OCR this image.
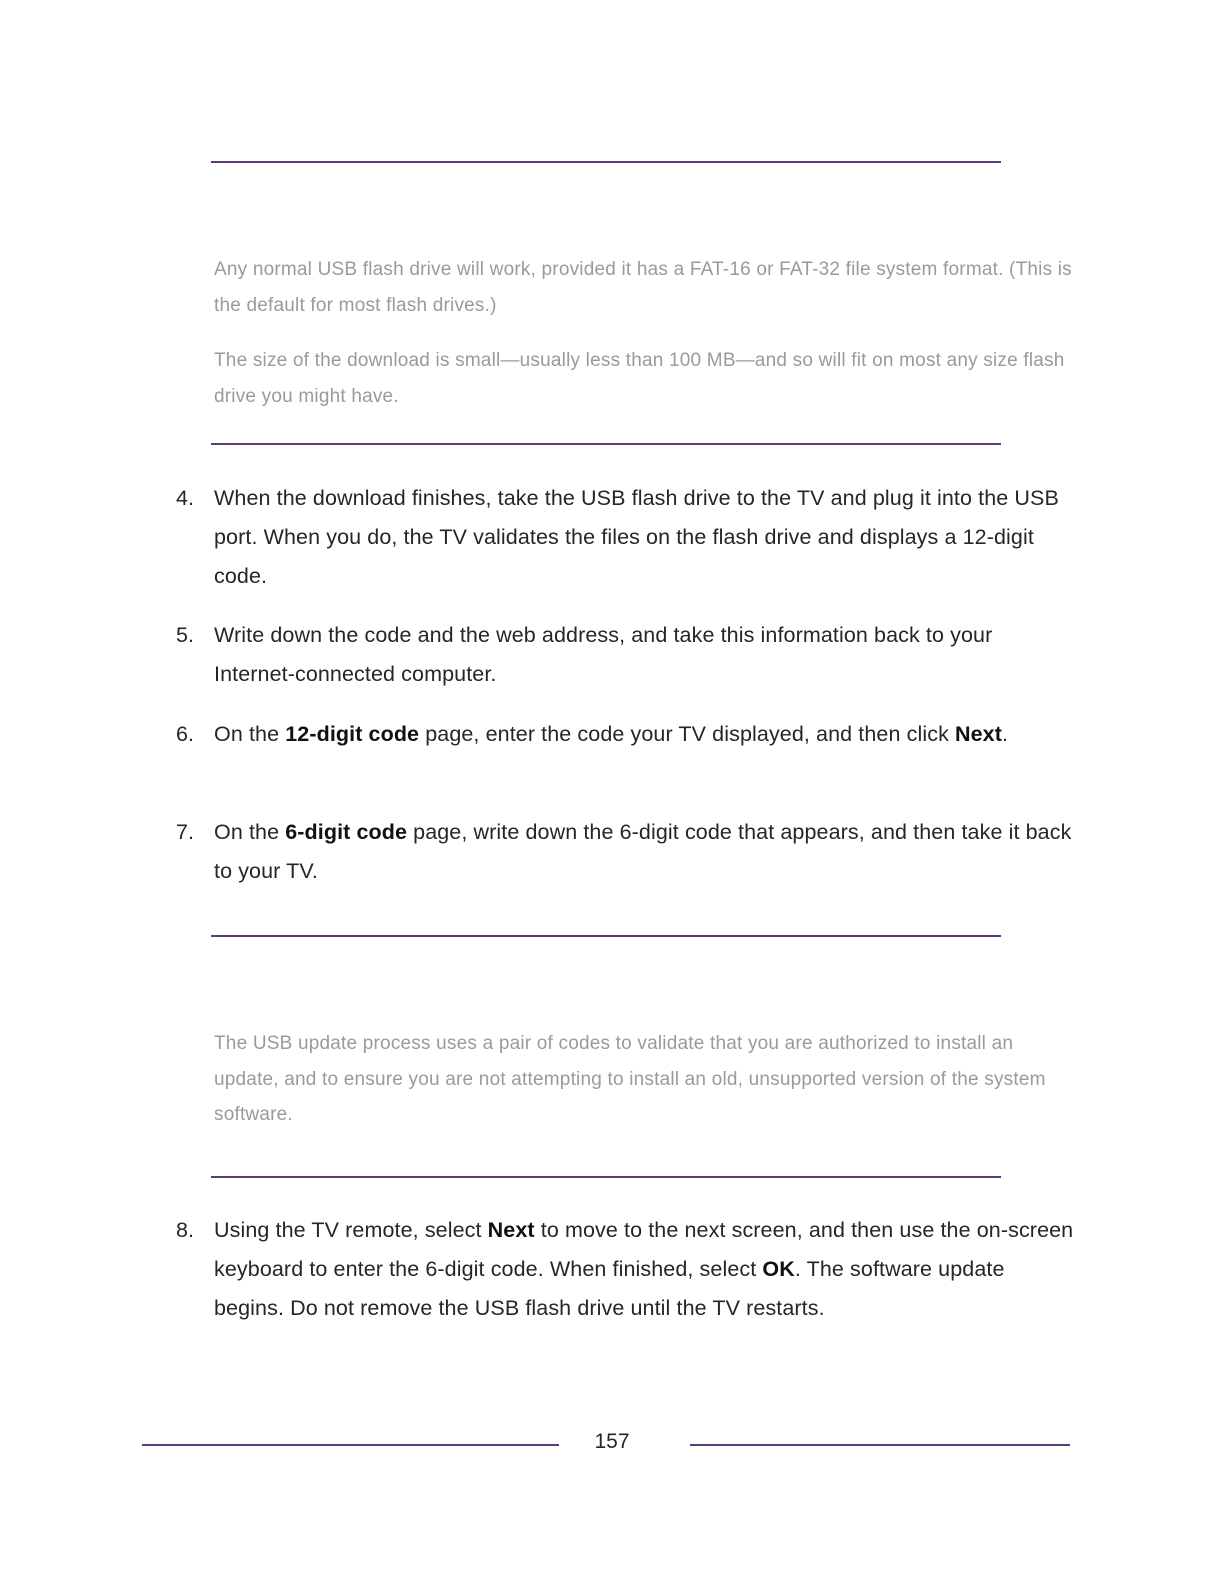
Any normal USB flash drive will work, provided it has a FAT-16 or FAT-32 file system format. (This is the default for most flash drives.)

The size of the download is small—usually less than 100 MB—and so will fit on most any size flash drive you might have.

4. When the download finishes, take the USB flash drive to the TV and plug it into the USB port. When you do, the TV validates the files on the flash drive and displays a 12-digit code.
5. Write down the code and the web address, and take this information back to your Internet-connected computer.
6. On the 12-digit code page, enter the code your TV displayed, and then click Next.
7. On the 6-digit code page, write down the 6-digit code that appears, and then take it back to your TV.

The USB update process uses a pair of codes to validate that you are authorized to install an update, and to ensure you are not attempting to install an old, unsupported version of the system software.

8. Using the TV remote, select Next to move to the next screen, and then use the on-screen keyboard to enter the 6-digit code. When finished, select OK. The software update begins. Do not remove the USB flash drive until the TV restarts.
157
